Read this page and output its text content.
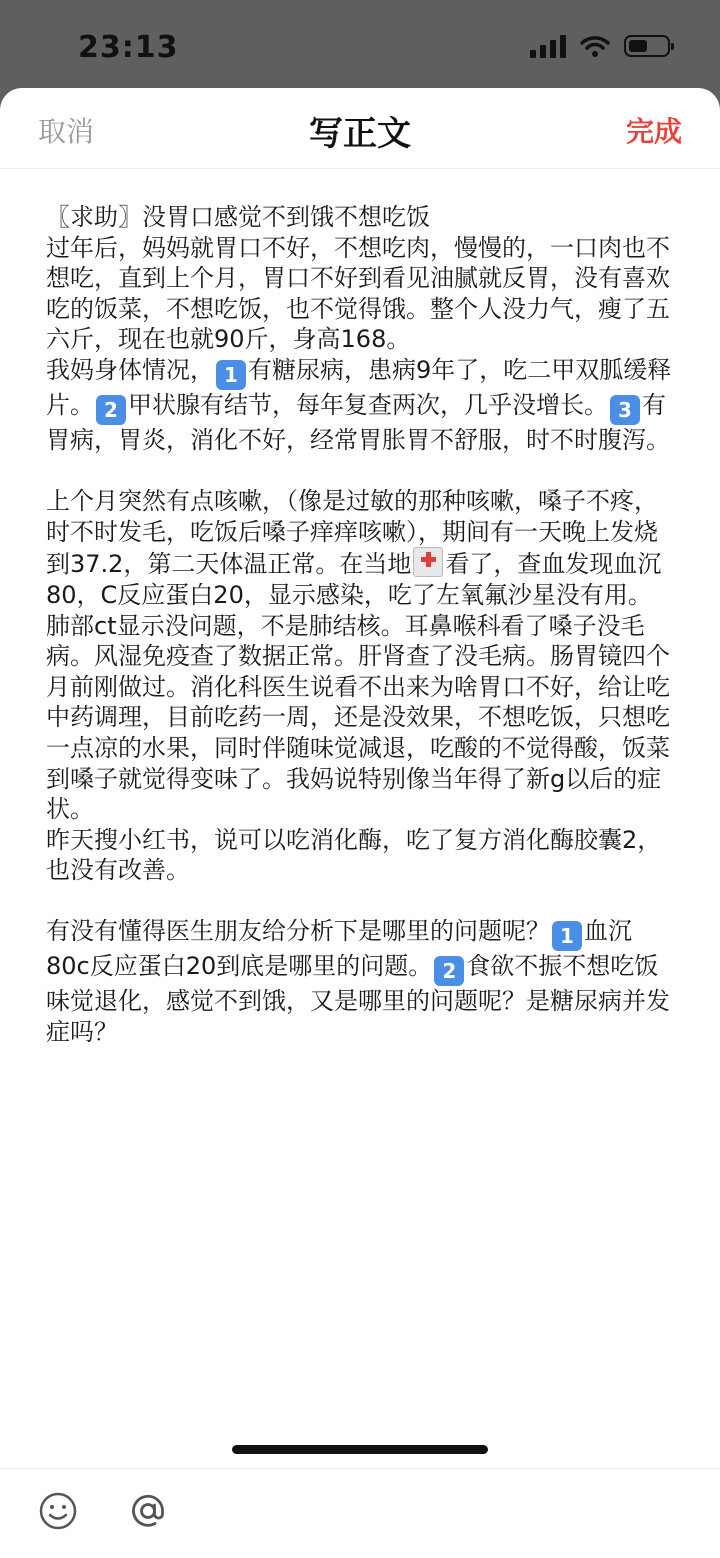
23:13
取消	写正文	完成

〖求助〗没胃口感觉不到饿不想吃饭

过年后，妈妈就胃口不好，不想吃肉，慢慢的，一口肉也不想吃，直到上个月，胃口不好到看见油腻就反胃，没有喜欢吃的饭菜，不想吃饭，也不觉得饿。整个人没力气，瘦了五六斤，现在也就90斤，身高168。

我妈身体情况， 1 有糖尿病，患病9年了，吃二甲双胍缓释片。 2 甲状腺有结节，每年复查两次，几乎没增长。 3 有胃病，胃炎，消化不好，经常胃胀胃不舒服，时不时腹泻。

上个月突然有点咳嗽，（像是过敏的那种咳嗽，嗓子不疼，时不时发毛，吃饭后嗓子痒痒咳嗽），期间有一天晚上发烧到37.2，第二天体温正常。在当地 看了，查血发现血沉80，C反应蛋白20，显示感染，吃了左氧氟沙星没有用。肺部ct显示没问题，不是肺结核。耳鼻喉科看了嗓子没毛病。风湿免疫查了数据正常。肝肾查了没毛病。肠胃镜四个月前刚做过。消化科医生说看不出来为啥胃口不好，给让吃中药调理，目前吃药一周，还是没效果，不想吃饭，只想吃一点凉的水果，同时伴随味觉减退，吃酸的不觉得酸，饭菜到嗓子就觉得变味了。我妈说特别像当年得了新g以后的症状。

昨天搜小红书，说可以吃消化酶，吃了复方消化酶胶囊2，也没有改善。

有没有懂得医生朋友给分析下是哪里的问题呢？ 1 血沉80c反应蛋白20到底是哪里的问题。 2 食欲不振不想吃饭味觉退化，感觉不到饿，又是哪里的问题呢？是糖尿病并发症吗？
